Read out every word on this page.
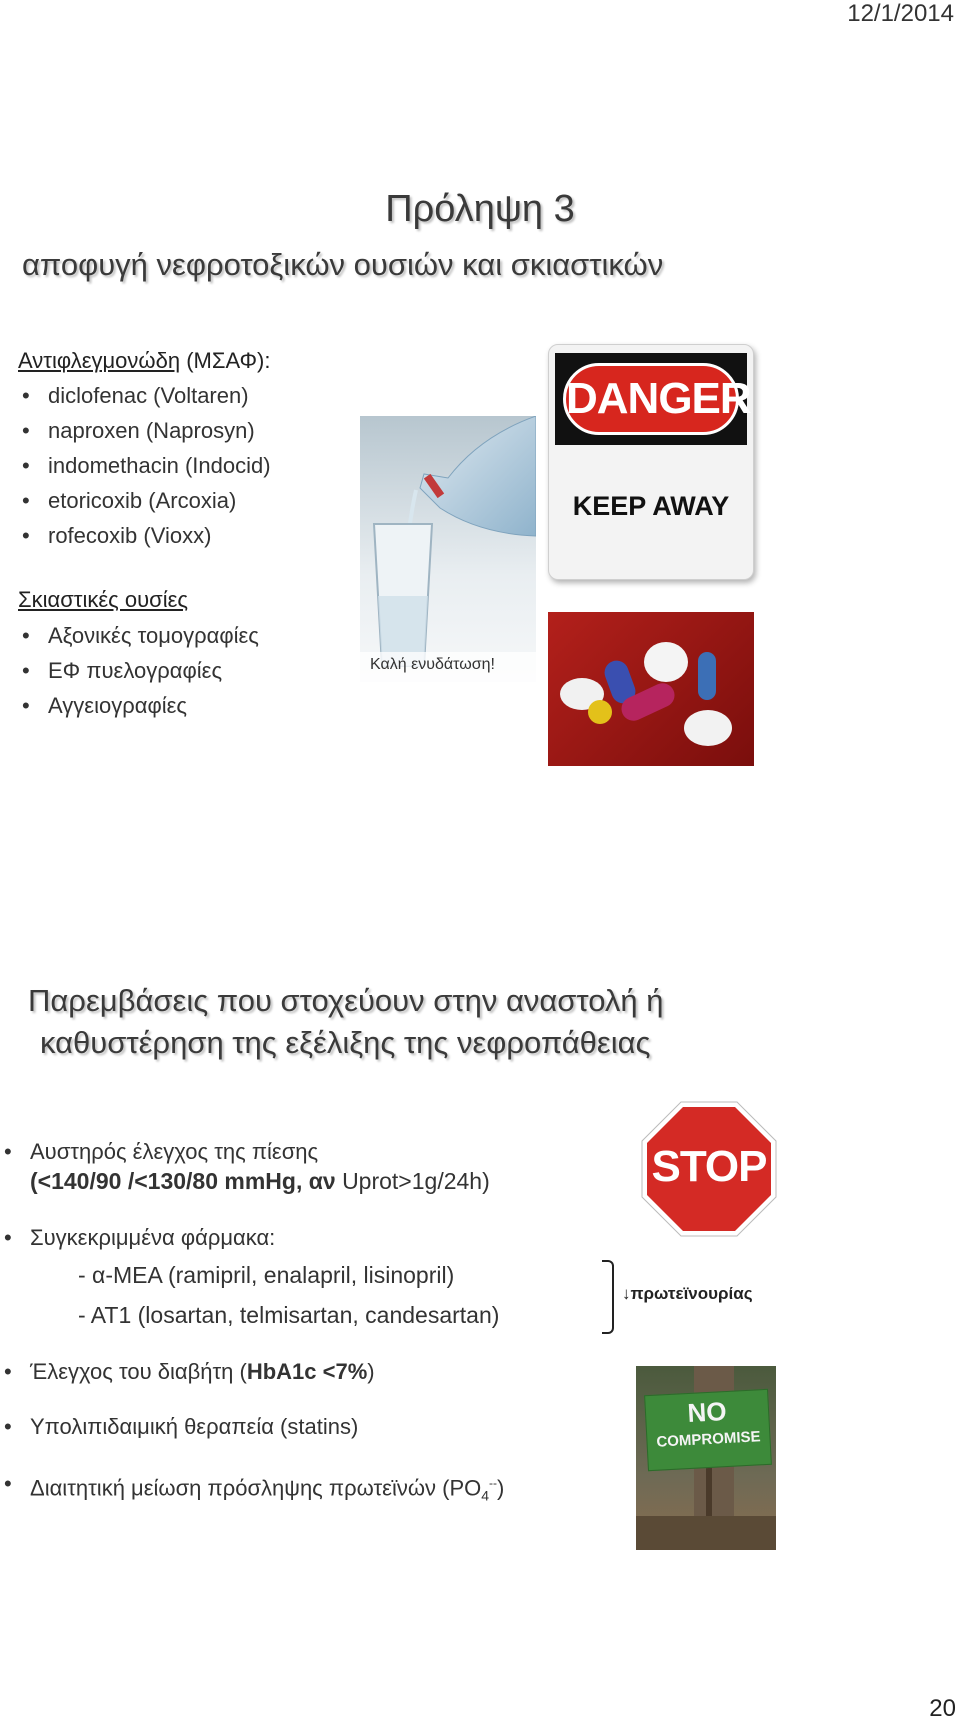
12/1/2014
Πρόληψη 3
αποφυγή νεφροτοξικών ουσιών και σκιαστικών
Αντιφλεγμονώδη (ΜΣΑΦ):
• diclofenac (Voltaren)
• naproxen (Naprosyn)
• indomethacin (Indocid)
• etoricoxib (Arcoxia)
• rofecoxib (Vioxx)
Σκιαστικές ουσίες
• Αξονικές τομογραφίες
• ΕΦ πυελογραφίες
• Αγγειογραφίες
Καλή ενυδάτωση!
DANGER
KEEP AWAY
Παρεμβάσεις που στοχεύουν στην αναστολή ή
καθυστέρηση της εξέλιξης της νεφροπάθειας
• Αυστηρός έλεγχος της πίεσης
(<140/90 /<130/80 mmHg, αν Uprot>1g/24h)
• Συγκεκριμμένα φάρμακα:
- α-ΜΕΑ (ramipril, enalapril, lisinopril)
- AT1 (losartan, telmisartan, candesartan)
↓πρωτεϊνουρίας
• Έλεγχος του διαβήτη (HbA1c <7%)
• Υπολιπιδαιμική θεραπεία (statins)
• Διαιτητική μείωση πρόσληψης πρωτεϊνών $(PO_4^{--})$
STOP
NO
COMPROMISE
20
